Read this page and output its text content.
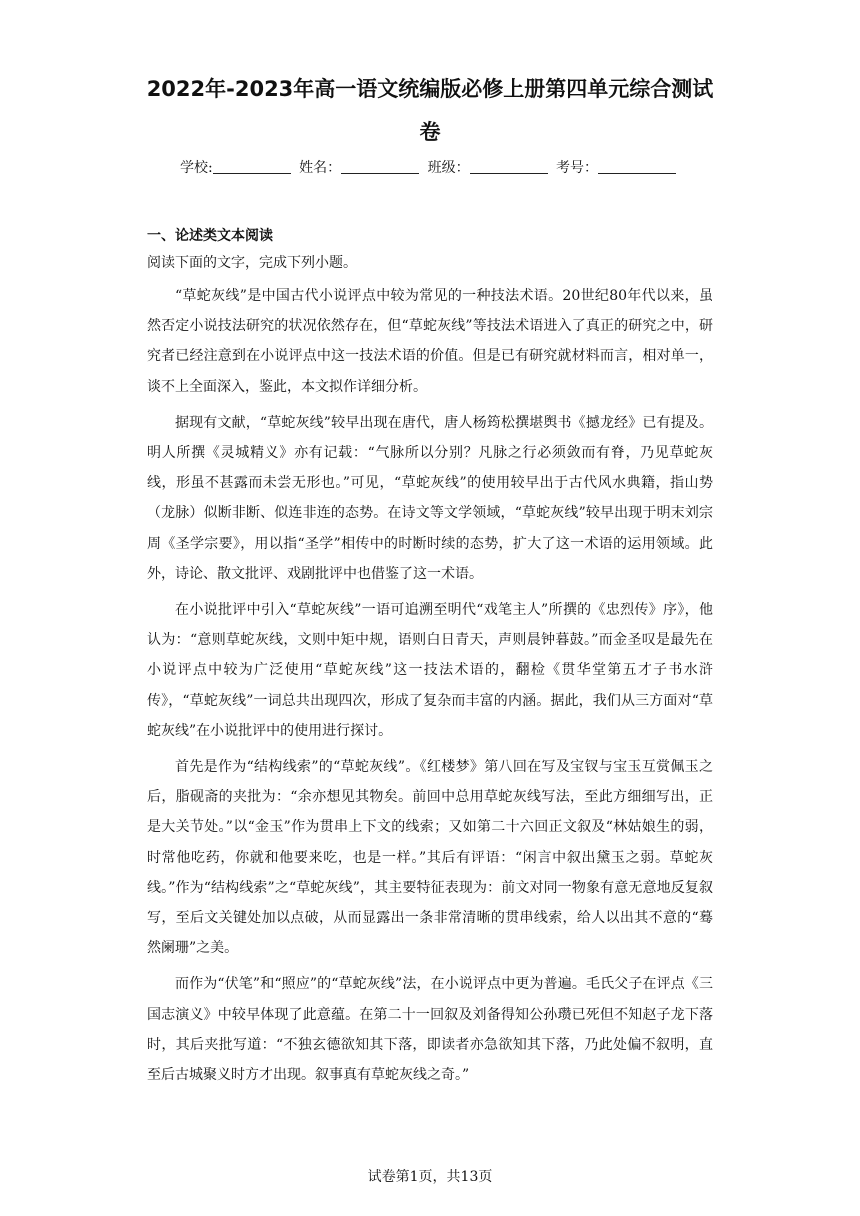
2022年-2023年高一语文统编版必修上册第四单元综合测试
卷
学校:	姓名：	班级：	考号：
一、论述类文本阅读
阅读下面的文字，完成下列小题。

“草蛇灰线”是中国古代小说评点中较为常见的一种技法术语。20世纪80年代以来，虽然否定小说技法研究的状况依然存在，但“草蛇灰线”等技法术语进入了真正的研究之中，研究者已经注意到在小说评点中这一技法术语的价值。但是已有研究就材料而言，相对单一，谈不上全面深入，鉴此，本文拟作详细分析。

据现有文献，“草蛇灰线”较早出现在唐代，唐人杨筠松撰堪舆书《撼龙经》已有提及。明人所撰《灵城精义》亦有记载：“气脉所以分别？凡脉之行必须敛而有脊，乃见草蛇灰线，形虽不甚露而未尝无形也。”可见，“草蛇灰线”的使用较早出于古代风水典籍，指山势（龙脉）似断非断、似连非连的态势。在诗文等文学领域，“草蛇灰线”较早出现于明末刘宗周《圣学宗要》，用以指“圣学”相传中的时断时续的态势，扩大了这一术语的运用领域。此外，诗论、散文批评、戏剧批评中也借鉴了这一术语。

在小说批评中引入“草蛇灰线”一语可追溯至明代“戏笔主人”所撰的《忠烈传》序》，他认为：“意则草蛇灰线，文则中矩中规，语则白日青天，声则晨钟暮鼓。”而金圣叹是最先在小说评点中较为广泛使用“草蛇灰线”这一技法术语的，翻检《贯华堂第五才子书水浒传》，“草蛇灰线”一词总共出现四次，形成了复杂而丰富的内涵。据此，我们从三方面对“草蛇灰线”在小说批评中的使用进行探讨。

首先是作为“结构线索”的“草蛇灰线”。《红楼梦》第八回在写及宝钗与宝玉互赏佩玉之后，脂砚斋的夹批为：“余亦想见其物矣。前回中总用草蛇灰线写法，至此方细细写出，正是大关节处。”以“金玉”作为贯串上下文的线索；又如第二十六回正文叙及“林姑娘生的弱，时常他吃药，你就和他要来吃，也是一样。”其后有评语：“闲言中叙出黛玉之弱。草蛇灰线。”作为“结构线索”之“草蛇灰线”，其主要特征表现为：前文对同一物象有意无意地反复叙写，至后文关键处加以点破，从而显露出一条非常清晰的贯串线索，给人以出其不意的“蓦然阑珊”之美。

而作为“伏笔”和“照应”的“草蛇灰线”法，在小说评点中更为普遍。毛氏父子在评点《三国志演义》中较早体现了此意蕴。在第二十一回叙及刘备得知公孙瓒已死但不知赵子龙下落时，其后夹批写道：“不独玄德欲知其下落，即读者亦急欲知其下落，乃此处偏不叙明，直至后古城聚义时方才出现。叙事真有草蛇灰线之奇。”

试卷第1页，共13页
